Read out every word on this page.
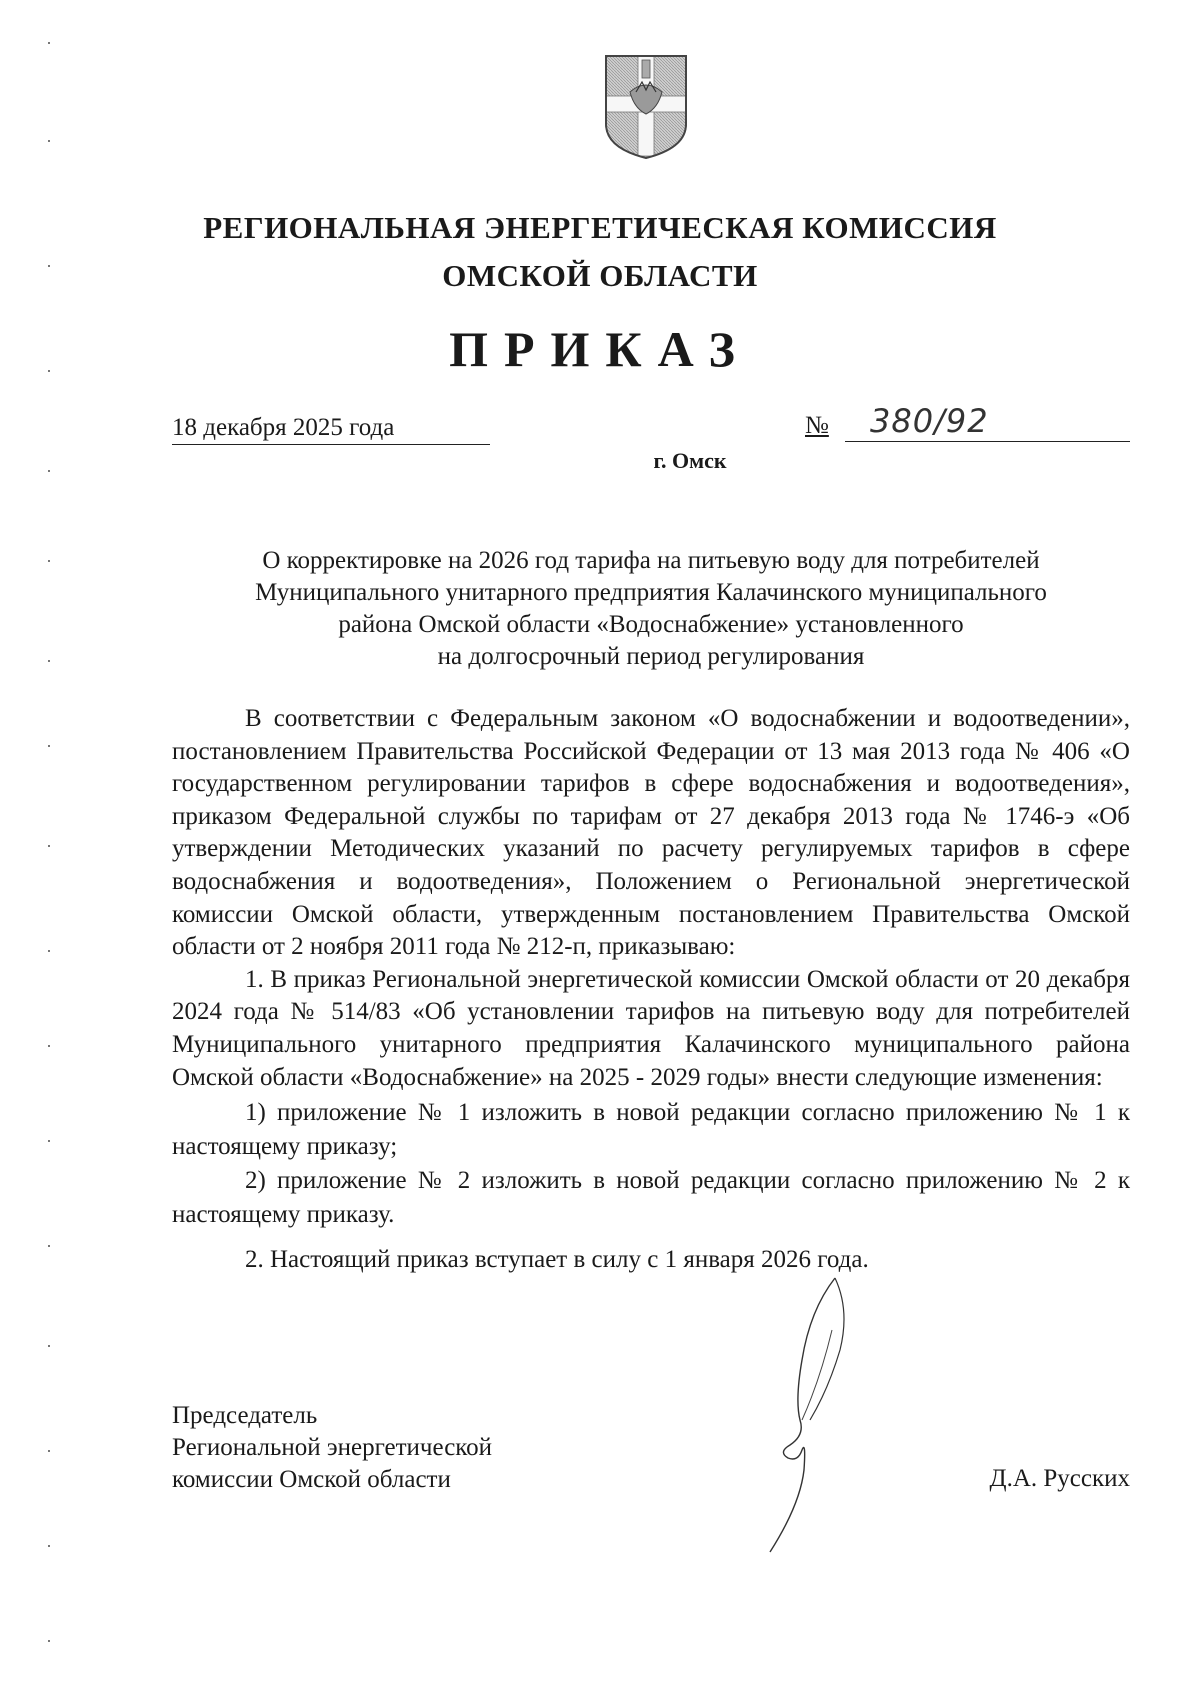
РЕГИОНАЛЬНАЯ ЭНЕРГЕТИЧЕСКАЯ КОМИССИЯ
ОМСКОЙ ОБЛАСТИ
ПРИКАЗ
18 декабря 2025 года	№ 380/92
г. Омск
О корректировке на 2026 год тарифа на питьевую воду для потребителей
Муниципального унитарного предприятия Калачинского муниципального
района Омской области «Водоснабжение» установленного
на долгосрочный период регулирования

В соответствии с Федеральным законом «О водоснабжении и водоотведении», постановлением Правительства Российской Федерации от 13 мая 2013 года № 406 «О государственном регулировании тарифов в сфере водоснабжения и водоотведения», приказом Федеральной службы по тарифам от 27 декабря 2013 года № 1746-э «Об утверждении Методических указаний по расчету регулируемых тарифов в сфере водоснабжения и водоотведения», Положением о Региональной энергетической комиссии Омской области, утвержденным постановлением Правительства Омской области от 2 ноября 2011 года № 212-п, приказываю:

1. В приказ Региональной энергетической комиссии Омской области от 20 декабря 2024 года № 514/83 «Об установлении тарифов на питьевую воду для потребителей Муниципального унитарного предприятия Калачинского муниципального района Омской области «Водоснабжение» на 2025 - 2029 годы» внести следующие изменения:

1) приложение № 1 изложить в новой редакции согласно приложению № 1 к настоящему приказу;

2) приложение № 2 изложить в новой редакции согласно приложению № 2 к настоящему приказу.

2. Настоящий приказ вступает в силу с 1 января 2026 года.

Председатель
Региональной энергетической
комиссии Омской области	Д.А. Русских
